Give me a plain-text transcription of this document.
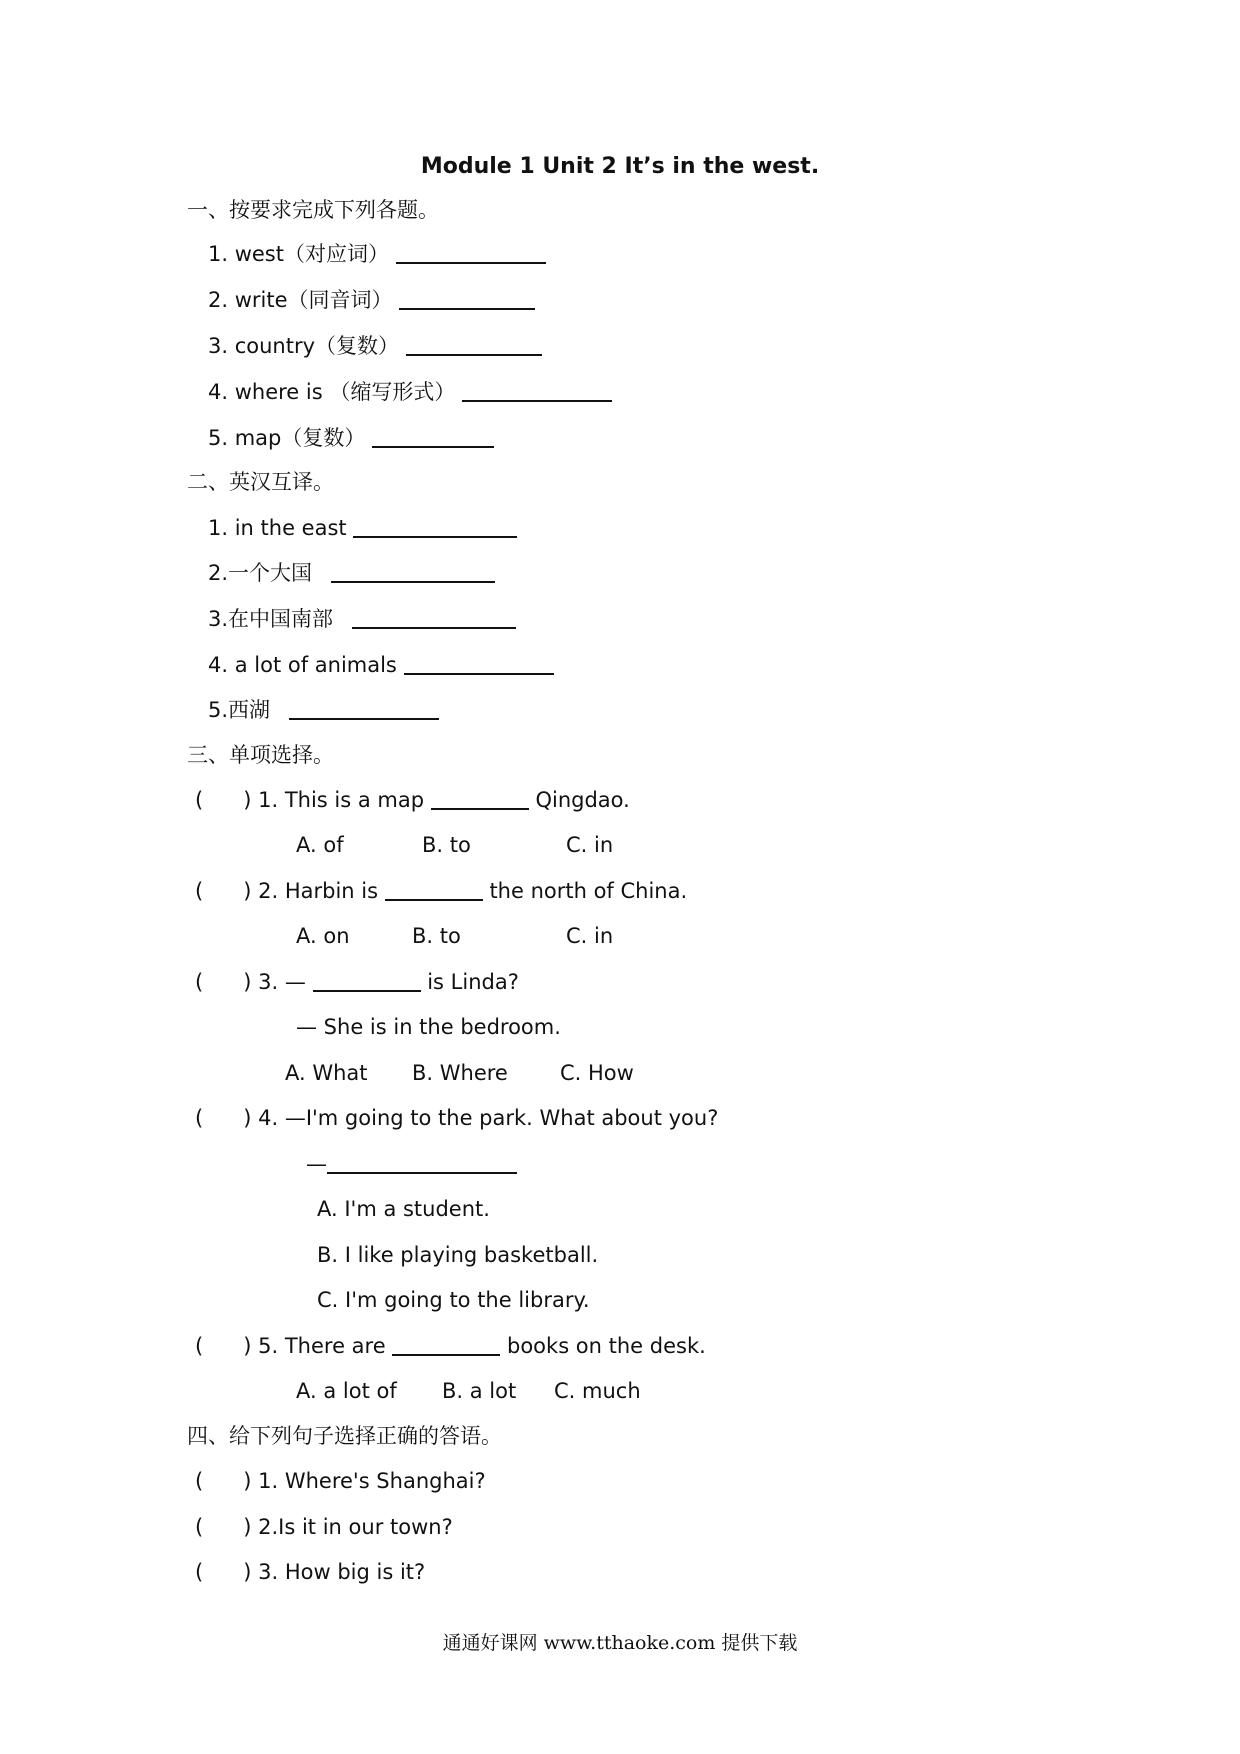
Module 1 Unit 2 It’s in the west.
一、按要求完成下列各题。
1. west（对应词）
2. write（同音词）
3. country（复数）
4. where is （缩写形式）
5. map（复数）
二、英汉互译。
1. in the east
2.一个大国
3.在中国南部
4. a lot of animals
5.西湖
三、单项选择。
(      ) 1. This is a map	Qingdao.
A. of	B. to	C. in
(      ) 2. Harbin is	the north of China.
A. on	B. to	C. in
(      ) 3. —	is Linda?
— She is in the bedroom.
A. What B. Where C. How
(      ) 4. —I'm going to the park. What about you?
—
A. I'm a student.
B. I like playing basketball.
C. I'm going to the library.
(      ) 5. There are	books on the desk.
A. a lot of B. a lot C. much
四、给下列句子选择正确的答语。
(      ) 1. Where's Shanghai?
(      ) 2.Is it in our town?
(      ) 3. How big is it?
通通好课网 www.tthaoke.com 提供下载
